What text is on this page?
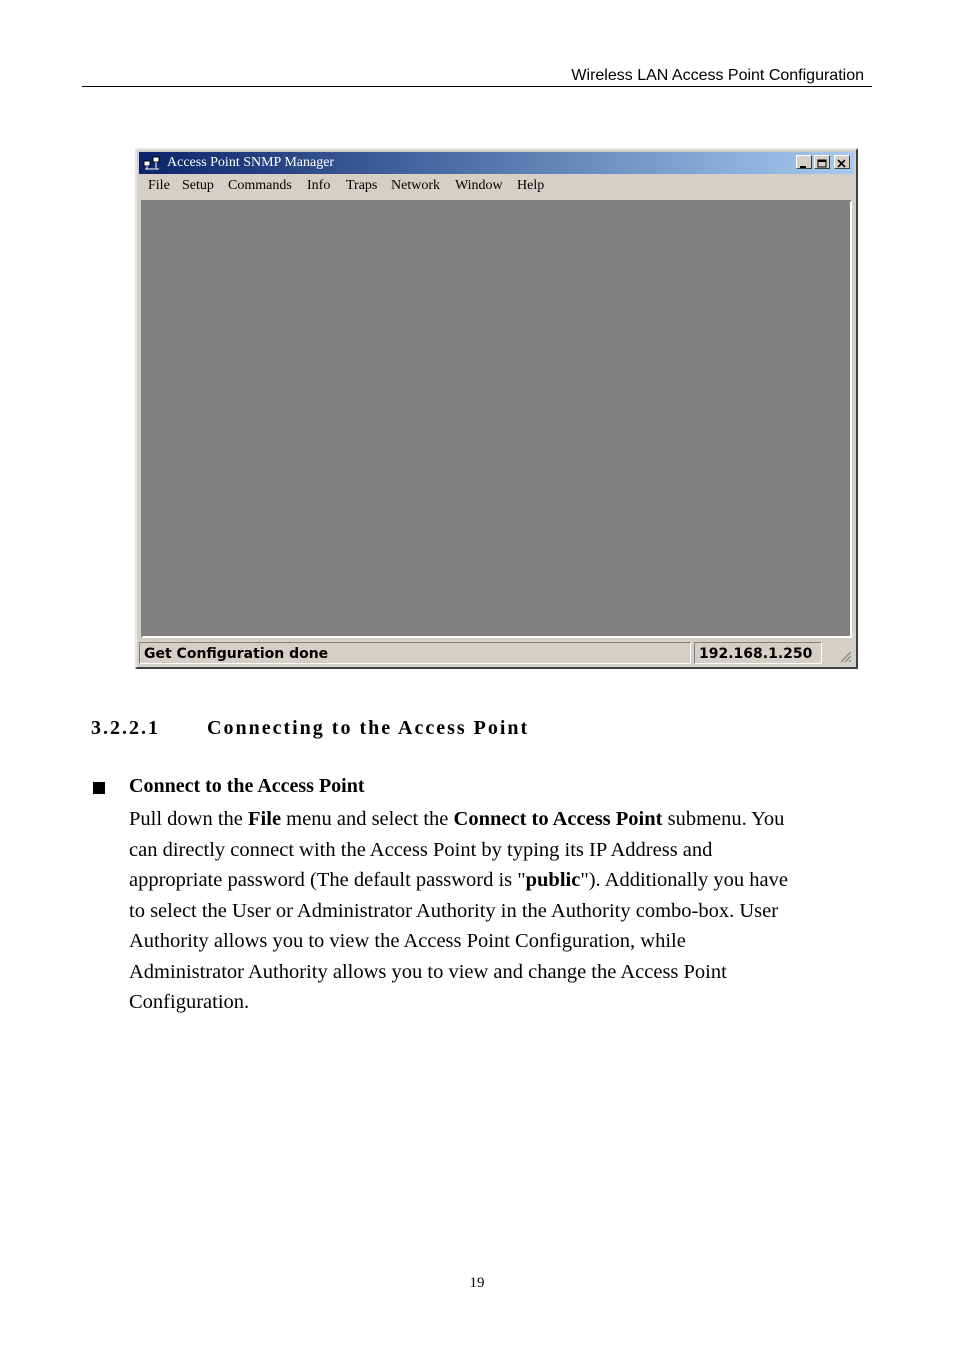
Wireless LAN Access Point Configuration
Access Point SNMP Manager
File Setup Commands Info Traps Network Window Help
Get Configuration done	192.168.1.250
3.2.2.1 Connecting to the Access Point
Connect to the Access Point
Pull down the File menu and select the Connect to Access Point submenu. You
can directly connect with the Access Point by typing its IP Address and
appropriate password (The default password is "public"). Additionally you have
to select the User or Administrator Authority in the Authority combo-box. User
Authority allows you to view the Access Point Configuration, while
Administrator Authority allows you to view and change the Access Point
Configuration.
19
